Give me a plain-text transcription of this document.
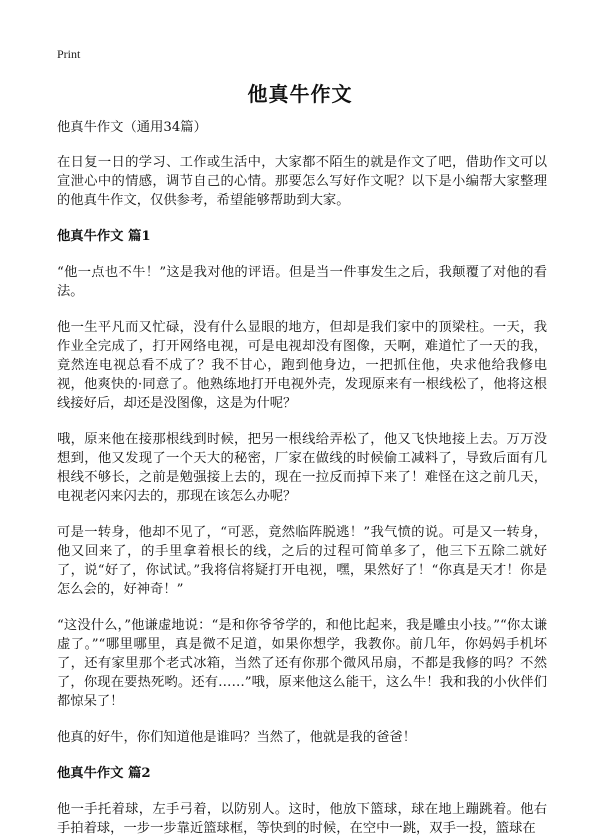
Print
他真牛作文

他真牛作文（通用34篇）

在日复一日的学习、工作或生活中，大家都不陌生的就是作文了吧，借助作文可以宣泄心中的情感，调节自己的心情。那要怎么写好作文呢？以下是小编帮大家整理的他真牛作文，仅供参考，希望能够帮助到大家。

他真牛作文 篇1

“他一点也不牛！”这是我对他的评语。但是当一件事发生之后，我颠覆了对他的看法。

他一生平凡而又忙碌，没有什么显眼的地方，但却是我们家中的顶梁柱。一天，我作业全完成了，打开网络电视，可是电视却没有图像，天啊，难道忙了一天的我，竟然连电视总看不成了？我不甘心，跑到他身边，一把抓住他，央求他给我修电视，他爽快的·同意了。他熟练地打开电视外壳，发现原来有一根线松了，他将这根线接好后，却还是没图像，这是为什呢？

哦，原来他在接那根线到时候，把另一根线给弄松了，他又飞快地接上去。万万没想到，他又发现了一个天大的秘密，厂家在做线的时候偷工减料了，导致后面有几根线不够长，之前是勉强接上去的，现在一拉反而掉下来了！难怪在这之前几天，电视老闪来闪去的，那现在该怎么办呢？

可是一转身，他却不见了，“可恶，竟然临阵脱逃！”我气愤的说。可是又一转身，他又回来了，的手里拿着根长的线，之后的过程可简单多了，他三下五除二就好了，说“好了，你试试。”我将信将疑打开电视，嘿，果然好了！“你真是天才！你是怎么会的，好神奇！”

“这没什么，”他谦虚地说：“是和你爷爷学的，和他比起来，我是雕虫小技。”“你太谦虚了。”“哪里哪里，真是微不足道，如果你想学，我教你。前几年，你妈妈手机坏了，还有家里那个老式冰箱，当然了还有你那个微风吊扇，不都是我修的吗？不然了，你现在要热死哟。还有……”哦，原来他这么能干，这么牛！我和我的小伙伴们都惊呆了！

他真的好牛，你们知道他是谁吗？当然了，他就是我的爸爸！

他真牛作文 篇2

他一手托着球，左手弓着，以防别人。这时，他放下篮球，球在地上蹦跳着。他右手拍着球，一步一步靠近篮球框，等快到的时候，在空中一跳，双手一投，篮球在
